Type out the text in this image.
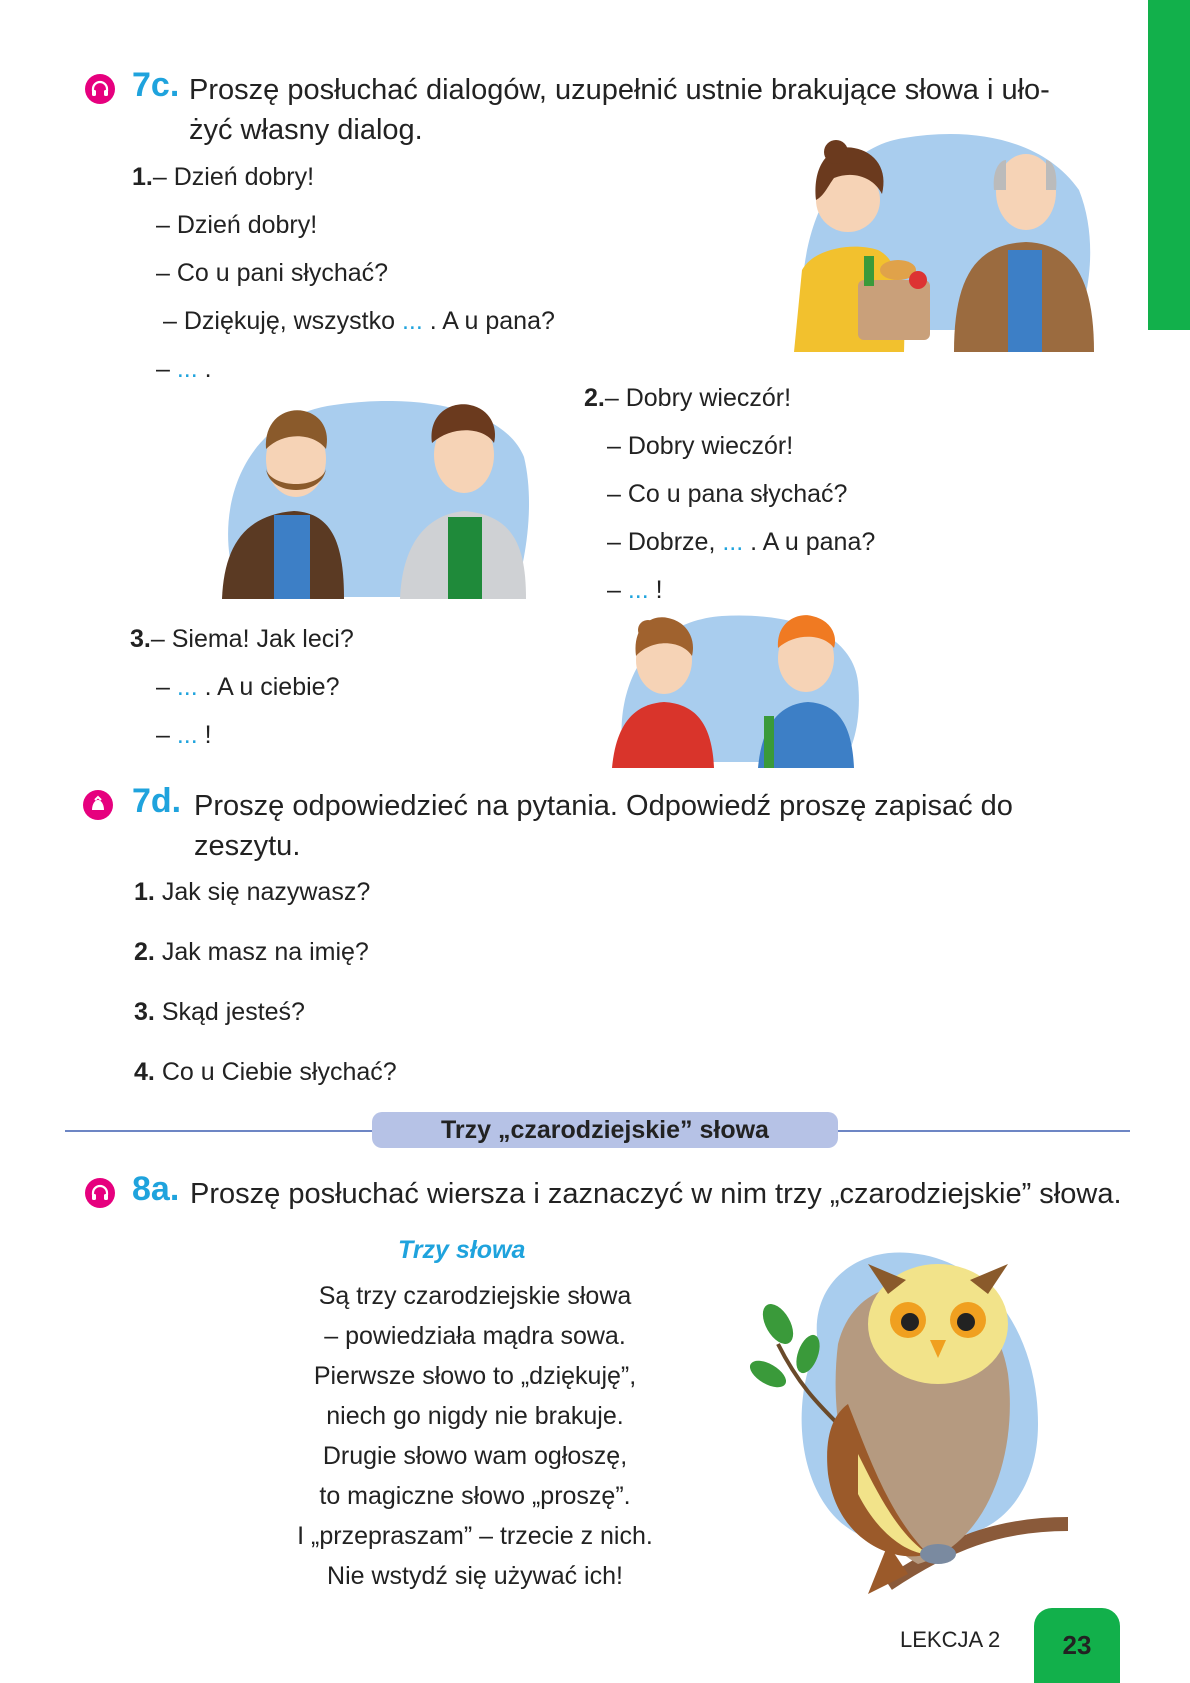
7c. Proszę posłuchać dialogów, uzupełnić ustnie brakujące słowa i uło-
żyć własny dialog.
1.– Dzień dobry!
– Dzień dobry!
– Co u pani słychać?
– Dziękuję, wszystko ... . A u pana?
– ... .
2.– Dobry wieczór!
– Dobry wieczór!
– Co u pana słychać?
– Dobrze, ... . A u pana?
– ... !
3.– Siema! Jak leci?
– ... . A u ciebie?
– ... !
7d. Proszę odpowiedzieć na pytania. Odpowiedź proszę zapisać do
zeszytu.
1. Jak się nazywasz?
2. Jak masz na imię?
3. Skąd jesteś?
4. Co u Ciebie słychać?
Trzy „czarodziejskie” słowa
8a. Proszę posłuchać wiersza i zaznaczyć w nim trzy „czarodziejskie” słowa.
Trzy słowa
Są trzy czarodziejskie słowa
– powiedziała mądra sowa.
Pierwsze słowo to „dziękuję”,
niech go nigdy nie brakuje.
Drugie słowo wam ogłoszę,
to magiczne słowo „proszę”.
I „przepraszam” – trzecie z nich.
Nie wstydź się używać ich!
LEKCJA 2	23
